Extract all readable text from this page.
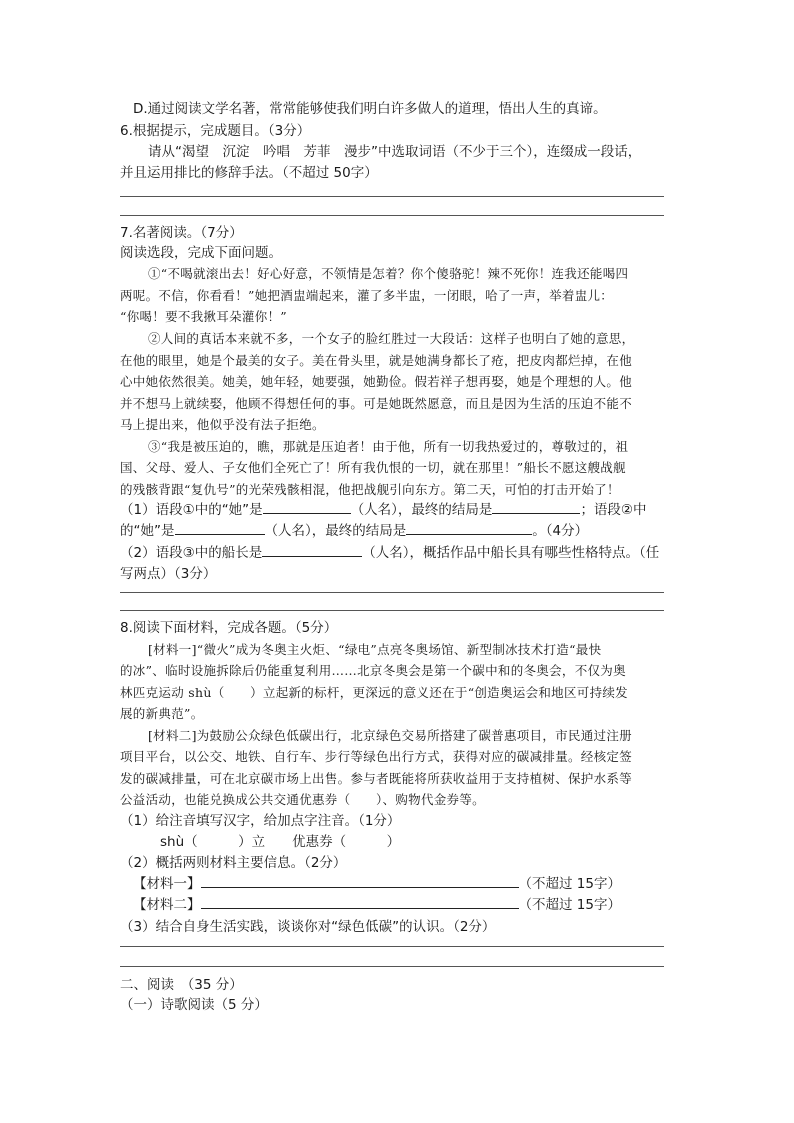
D.通过阅读文学名著，常常能够使我们明白许多做人的道理，悟出人生的真谛。
6.根据提示，完成题目。（3分）
请从“渴望　沉淀　吟唱　芳菲　漫步”中选取词语（不少于三个），连缀成一段话，
并且运用排比的修辞手法。（不超过 50字）
7.名著阅读。（7分）
阅读选段，完成下面问题。
①“不喝就滚出去！好心好意，不领情是怎着？你个傻骆驼！辣不死你！连我还能喝四
两呢。不信，你看看！”她把酒盅端起来，灌了多半盅，一闭眼，哈了一声，举着盅儿：
“你喝！要不我揪耳朵灌你！”
②人间的真话本来就不多，一个女子的脸红胜过一大段话：这样子也明白了她的意思，
在他的眼里，她是个最美的女子。美在骨头里，就是她满身都长了疮，把皮肉都烂掉，在他
心中她依然很美。她美，她年轻，她要强，她勤俭。假若祥子想再娶，她是个理想的人。他
并不想马上就续娶，他顾不得想任何的事。可是她既然愿意，而且是因为生活的压迫不能不
马上提出来，他似乎没有法子拒绝。
③“我是被压迫的，瞧，那就是压迫者！由于他，所有一切我热爱过的，尊敬过的，祖
国、父母、爱人、子女他们全死亡了！所有我仇恨的一切，就在那里！”船长不愿这艘战舰
的残骸背跟“复仇号”的光荣残骸相混，他把战舰引向东方。第二天，可怕的打击开始了！
（1）语段①中的“她”是	（人名），最终的结局是	；语段②中
的“她”是	（人名），最终的结局是	。（4分）
（2）语段③中的船长是	（人名），概括作品中船长具有哪些性格特点。（任
写两点）（3分）
8.阅读下面材料，完成各题。（5分）
[材料一]“微火”成为冬奥主火炬、“绿电”点亮冬奥场馆、新型制冰技术打造“最快
的冰”、临时设施拆除后仍能重复利用……北京冬奥会是第一个碳中和的冬奥会，不仅为奥
林匹克运动 shù（　　）立起新的标杆，更深远的意义还在于“创造奥运会和地区可持续发
展的新典范”。
[材料二]为鼓励公众绿色低碳出行，北京绿色交易所搭建了碳普惠项目，市民通过注册
项目平台，以公交、地铁、自行车、步行等绿色出行方式，获得对应的碳减排量。经核定签
发的碳减排量，可在北京碳市场上出售。参与者既能将所获收益用于支持植树、保护水系等
公益活动，也能兑换成公共交通优惠券（　　）、购物代金券等。
（1）给注音填写汉字，给加点字注音。（1分）
shù（　　　）立　　优惠券（　　　）
（2）概括两则材料主要信息。（2分）
【材料一】	（不超过 15字）
【材料二】	（不超过 15字）
（3）结合自身生活实践，谈谈你对“绿色低碳”的认识。（2分）
二、阅读　（35 分）
（一）诗歌阅读（5 分）
